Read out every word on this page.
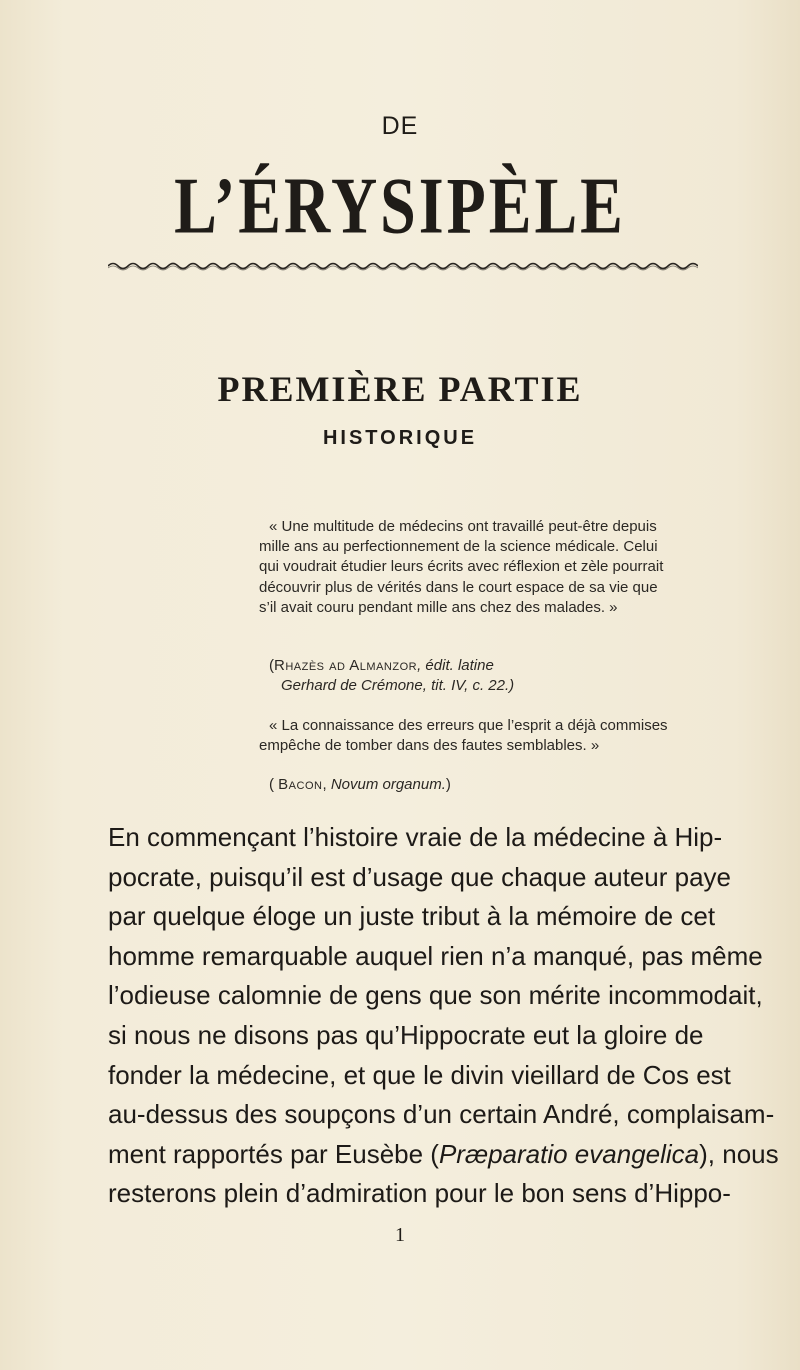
DE
L’ÉRYSIPÈLE
PREMIÈRE PARTIE
HISTORIQUE
« Une multitude de médecins ont travaillé peut-être depuis mille ans au perfectionnement de la science médicale. Celui qui voudrait étudier leurs écrits avec réflexion et zèle pourrait découvrir plus de vérités dans le court espace de sa vie que s’il avait couru pendant mille ans chez des malades. »
(Rhazès ad Almanzor, édit. latine
Gerhard de Crémone, tit. IV, c. 22.)
« La connaissance des erreurs que l’esprit a déjà commises empêche de tomber dans des fautes semblables. »
( Bacon, Novum organum.)
En commençant l’histoire vraie de la médecine à Hip-
pocrate, puisqu’il est d’usage que chaque auteur paye
par quelque éloge un juste tribut à la mémoire de cet
homme remarquable auquel rien n’a manqué, pas même
l’odieuse calomnie de gens que son mérite incommodait,
si nous ne disons pas qu’Hippocrate eut la gloire de
fonder la médecine, et que le divin vieillard de Cos est
au-dessus des soupçons d’un certain André, complaisam-
ment rapportés par Eusèbe (Præparatio evangelica), nous
resterons plein d’admiration pour le bon sens d’Hippo-
1
